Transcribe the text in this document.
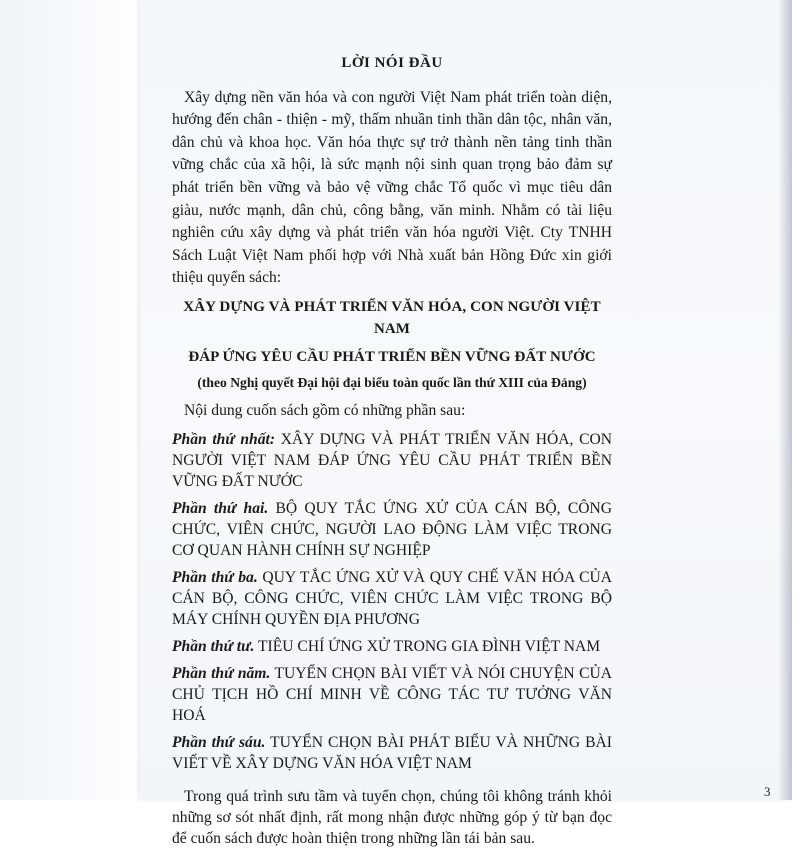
LỜI NÓI ĐẦU

Xây dựng nền văn hóa và con người Việt Nam phát triển toàn diện, hướng đến chân - thiện - mỹ, thấm nhuần tinh thần dân tộc, nhân văn, dân chủ và khoa học. Văn hóa thực sự trở thành nền tảng tinh thần vững chắc của xã hội, là sức mạnh nội sinh quan trọng bảo đảm sự phát triển bền vững và bảo vệ vững chắc Tổ quốc vì mục tiêu dân giàu, nước mạnh, dân chủ, công bằng, văn minh. Nhằm có tài liệu nghiên cứu xây dựng và phát triển văn hóa người Việt. Cty TNHH Sách Luật Việt Nam phối hợp với Nhà xuất bản Hồng Đức xin giới thiệu quyển sách:

XÂY DỰNG VÀ PHÁT TRIỂN VĂN HÓA, CON NGƯỜI VIỆT NAM
ĐÁP ỨNG YÊU CẦU PHÁT TRIỂN BỀN VỮNG ĐẤT NƯỚC
(theo Nghị quyết Đại hội đại biểu toàn quốc lần thứ XIII của Đảng)

Nội dung cuốn sách gồm có những phần sau:

Phần thứ nhất: XÂY DỰNG VÀ PHÁT TRIỂN VĂN HÓA, CON NGƯỜI VIỆT NAM ĐÁP ỨNG YÊU CẦU PHÁT TRIỂN BỀN VỮNG ĐẤT NƯỚC
Phần thứ hai. BỘ QUY TẮC ỨNG XỬ CỦA CÁN BỘ, CÔNG CHỨC, VIÊN CHỨC, NGƯỜI LAO ĐỘNG LÀM VIỆC TRONG CƠ QUAN HÀNH CHÍNH SỰ NGHIỆP
Phần thứ ba. QUY TẮC ỨNG XỬ VÀ QUY CHẾ VĂN HÓA CỦA CÁN BỘ, CÔNG CHỨC, VIÊN CHỨC LÀM VIỆC TRONG BỘ MÁY CHÍNH QUYỀN ĐỊA PHƯƠNG
Phần thứ tư. TIÊU CHÍ ỨNG XỬ TRONG GIA ĐÌNH VIỆT NAM
Phần thứ năm. TUYỂN CHỌN BÀI VIẾT VÀ NÓI CHUYỆN CỦA CHỦ TỊCH HỒ CHÍ MINH VỀ CÔNG TÁC TƯ TƯỞNG VĂN HOÁ
Phần thứ sáu. TUYỂN CHỌN BÀI PHÁT BIỂU VÀ NHỮNG BÀI VIẾT VỀ XÂY DỰNG VĂN HÓA VIỆT NAM

Trong quá trình sưu tầm và tuyển chọn, chúng tôi không tránh khỏi những sơ sót nhất định, rất mong nhận được những góp ý từ bạn đọc để cuốn sách được hoàn thiện trong những lần tái bản sau.

3
